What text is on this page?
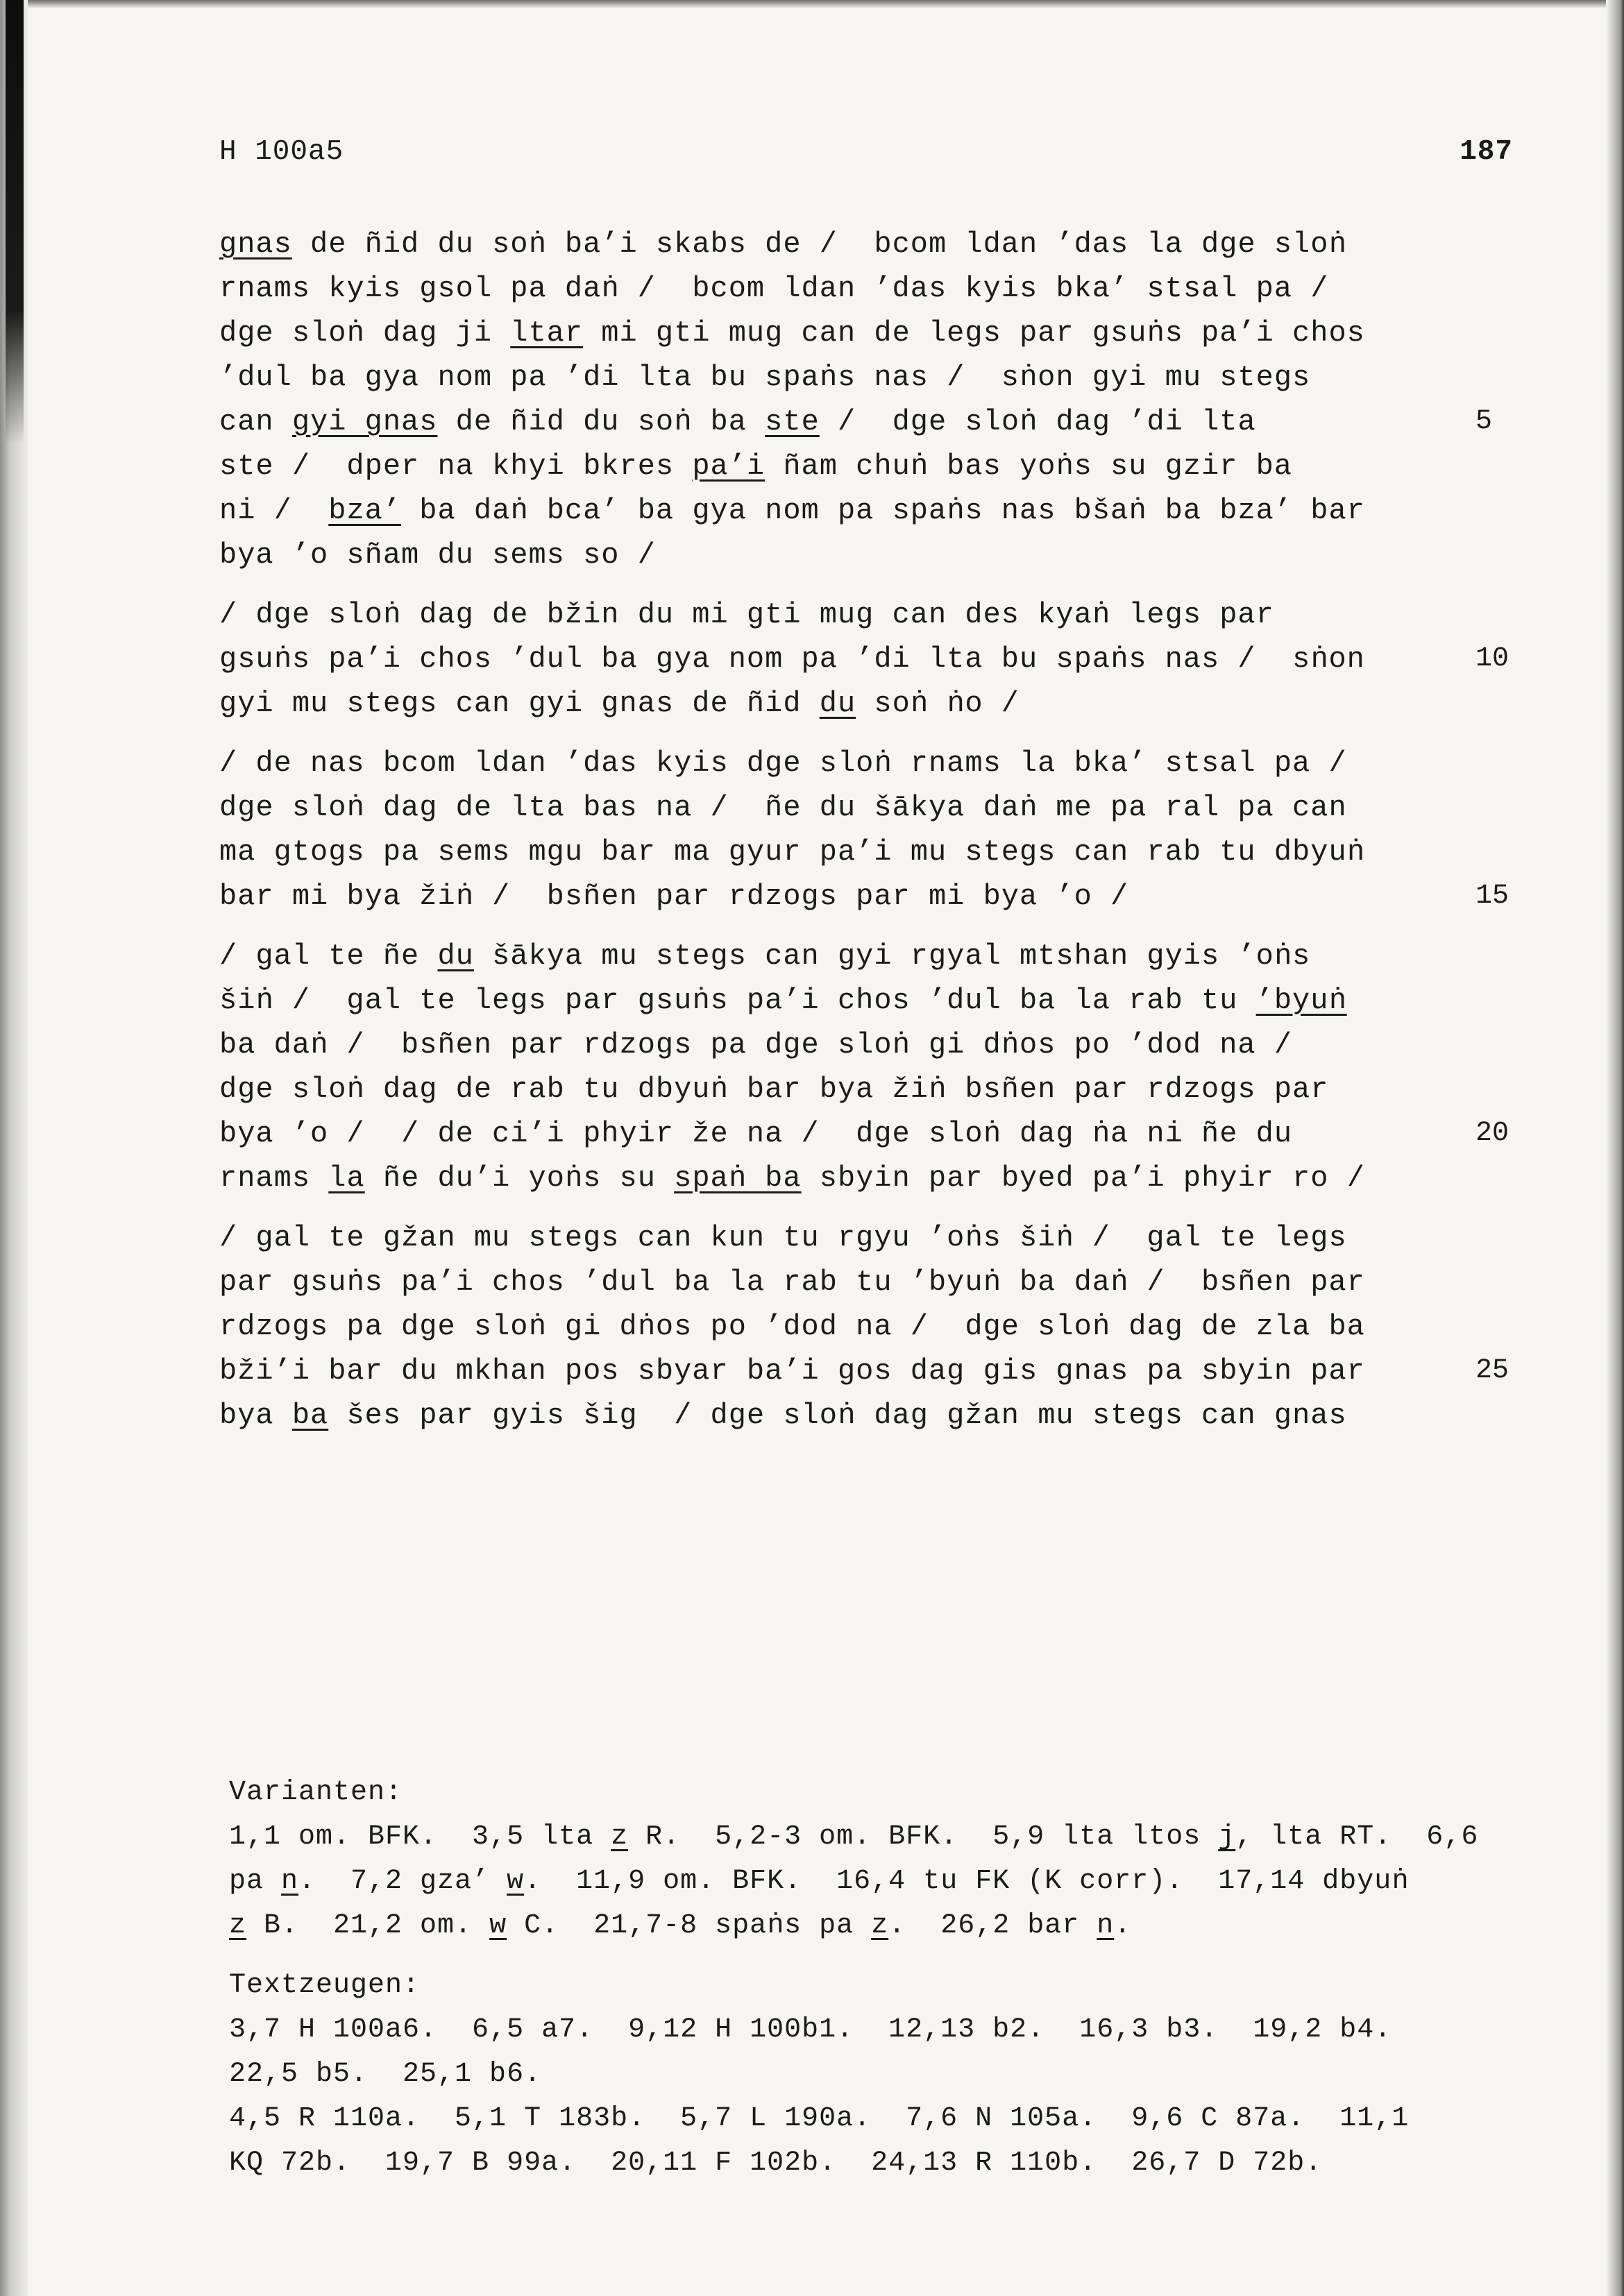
H 100a5	187
gnas de ñid du soṅ ba’i skabs de /  bcom ldan ’das la dge sloṅ
rnams kyis gsol pa daṅ /  bcom ldan ’das kyis bka’ stsal pa /
dge sloṅ dag ji ltar mi gti mug can de legs par gsuṅs pa’i chos
’dul ba gya nom pa ’di lta bu spaṅs nas /  sṅon gyi mu stegs
can gyi gnas de ñid du soṅ ba ste /  dge sloṅ dag ’di lta	5
ste /  dper na khyi bkres pa’i ñam chuṅ bas yoṅs su gzir ba
ni /  bza’ ba daṅ bca’ ba gya nom pa spaṅs nas bšaṅ ba bza’ bar
bya ’o sñam du sems so /
/ dge sloṅ dag de bžin du mi gti mug can des kyaṅ legs par
gsuṅs pa’i chos ’dul ba gya nom pa ’di lta bu spaṅs nas /  sṅon	10
gyi mu stegs can gyi gnas de ñid du soṅ ṅo /
/ de nas bcom ldan ’das kyis dge sloṅ rnams la bka’ stsal pa /
dge sloṅ dag de lta bas na /  ñe du šākya daṅ me pa ral pa can
ma gtogs pa sems mgu bar ma gyur pa’i mu stegs can rab tu dbyuṅ
bar mi bya žiṅ /  bsñen par rdzogs par mi bya ’o /	15
/ gal te ñe du šākya mu stegs can gyi rgyal mtshan gyis ’oṅs
šiṅ /  gal te legs par gsuṅs pa’i chos ’dul ba la rab tu ’byuṅ
ba daṅ /  bsñen par rdzogs pa dge sloṅ gi dṅos po ’dod na /
dge sloṅ dag de rab tu dbyuṅ bar bya žiṅ bsñen par rdzogs par
bya ’o /  / de ci’i phyir že na /  dge sloṅ dag ṅa ni ñe du	20
rnams la ñe du’i yoṅs su spaṅ ba sbyin par byed pa’i phyir ro /
/ gal te gžan mu stegs can kun tu rgyu ’oṅs šiṅ /  gal te legs
par gsuṅs pa’i chos ’dul ba la rab tu ’byuṅ ba daṅ /  bsñen par
rdzogs pa dge sloṅ gi dṅos po ’dod na /  dge sloṅ dag de zla ba
bži’i bar du mkhan pos sbyar ba’i gos dag gis gnas pa sbyin par	25
bya ba šes par gyis šig  / dge sloṅ dag gžan mu stegs can gnas
Varianten:
1,1 om. BFK.  3,5 lta z R.  5,2-3 om. BFK.  5,9 lta ltos j, lta RT.  6,6
pa n.  7,2 gza’ w.  11,9 om. BFK.  16,4 tu FK (K corr).  17,14 dbyuṅ
z B.  21,2 om. w C.  21,7-8 spaṅs pa z.  26,2 bar n.
Textzeugen:
3,7 H 100a6.  6,5 a7.  9,12 H 100b1.  12,13 b2.  16,3 b3.  19,2 b4.
22,5 b5.  25,1 b6.
4,5 R 110a.  5,1 T 183b.  5,7 L 190a.  7,6 N 105a.  9,6 C 87a.  11,1
KQ 72b.  19,7 B 99a.  20,11 F 102b.  24,13 R 110b.  26,7 D 72b.
